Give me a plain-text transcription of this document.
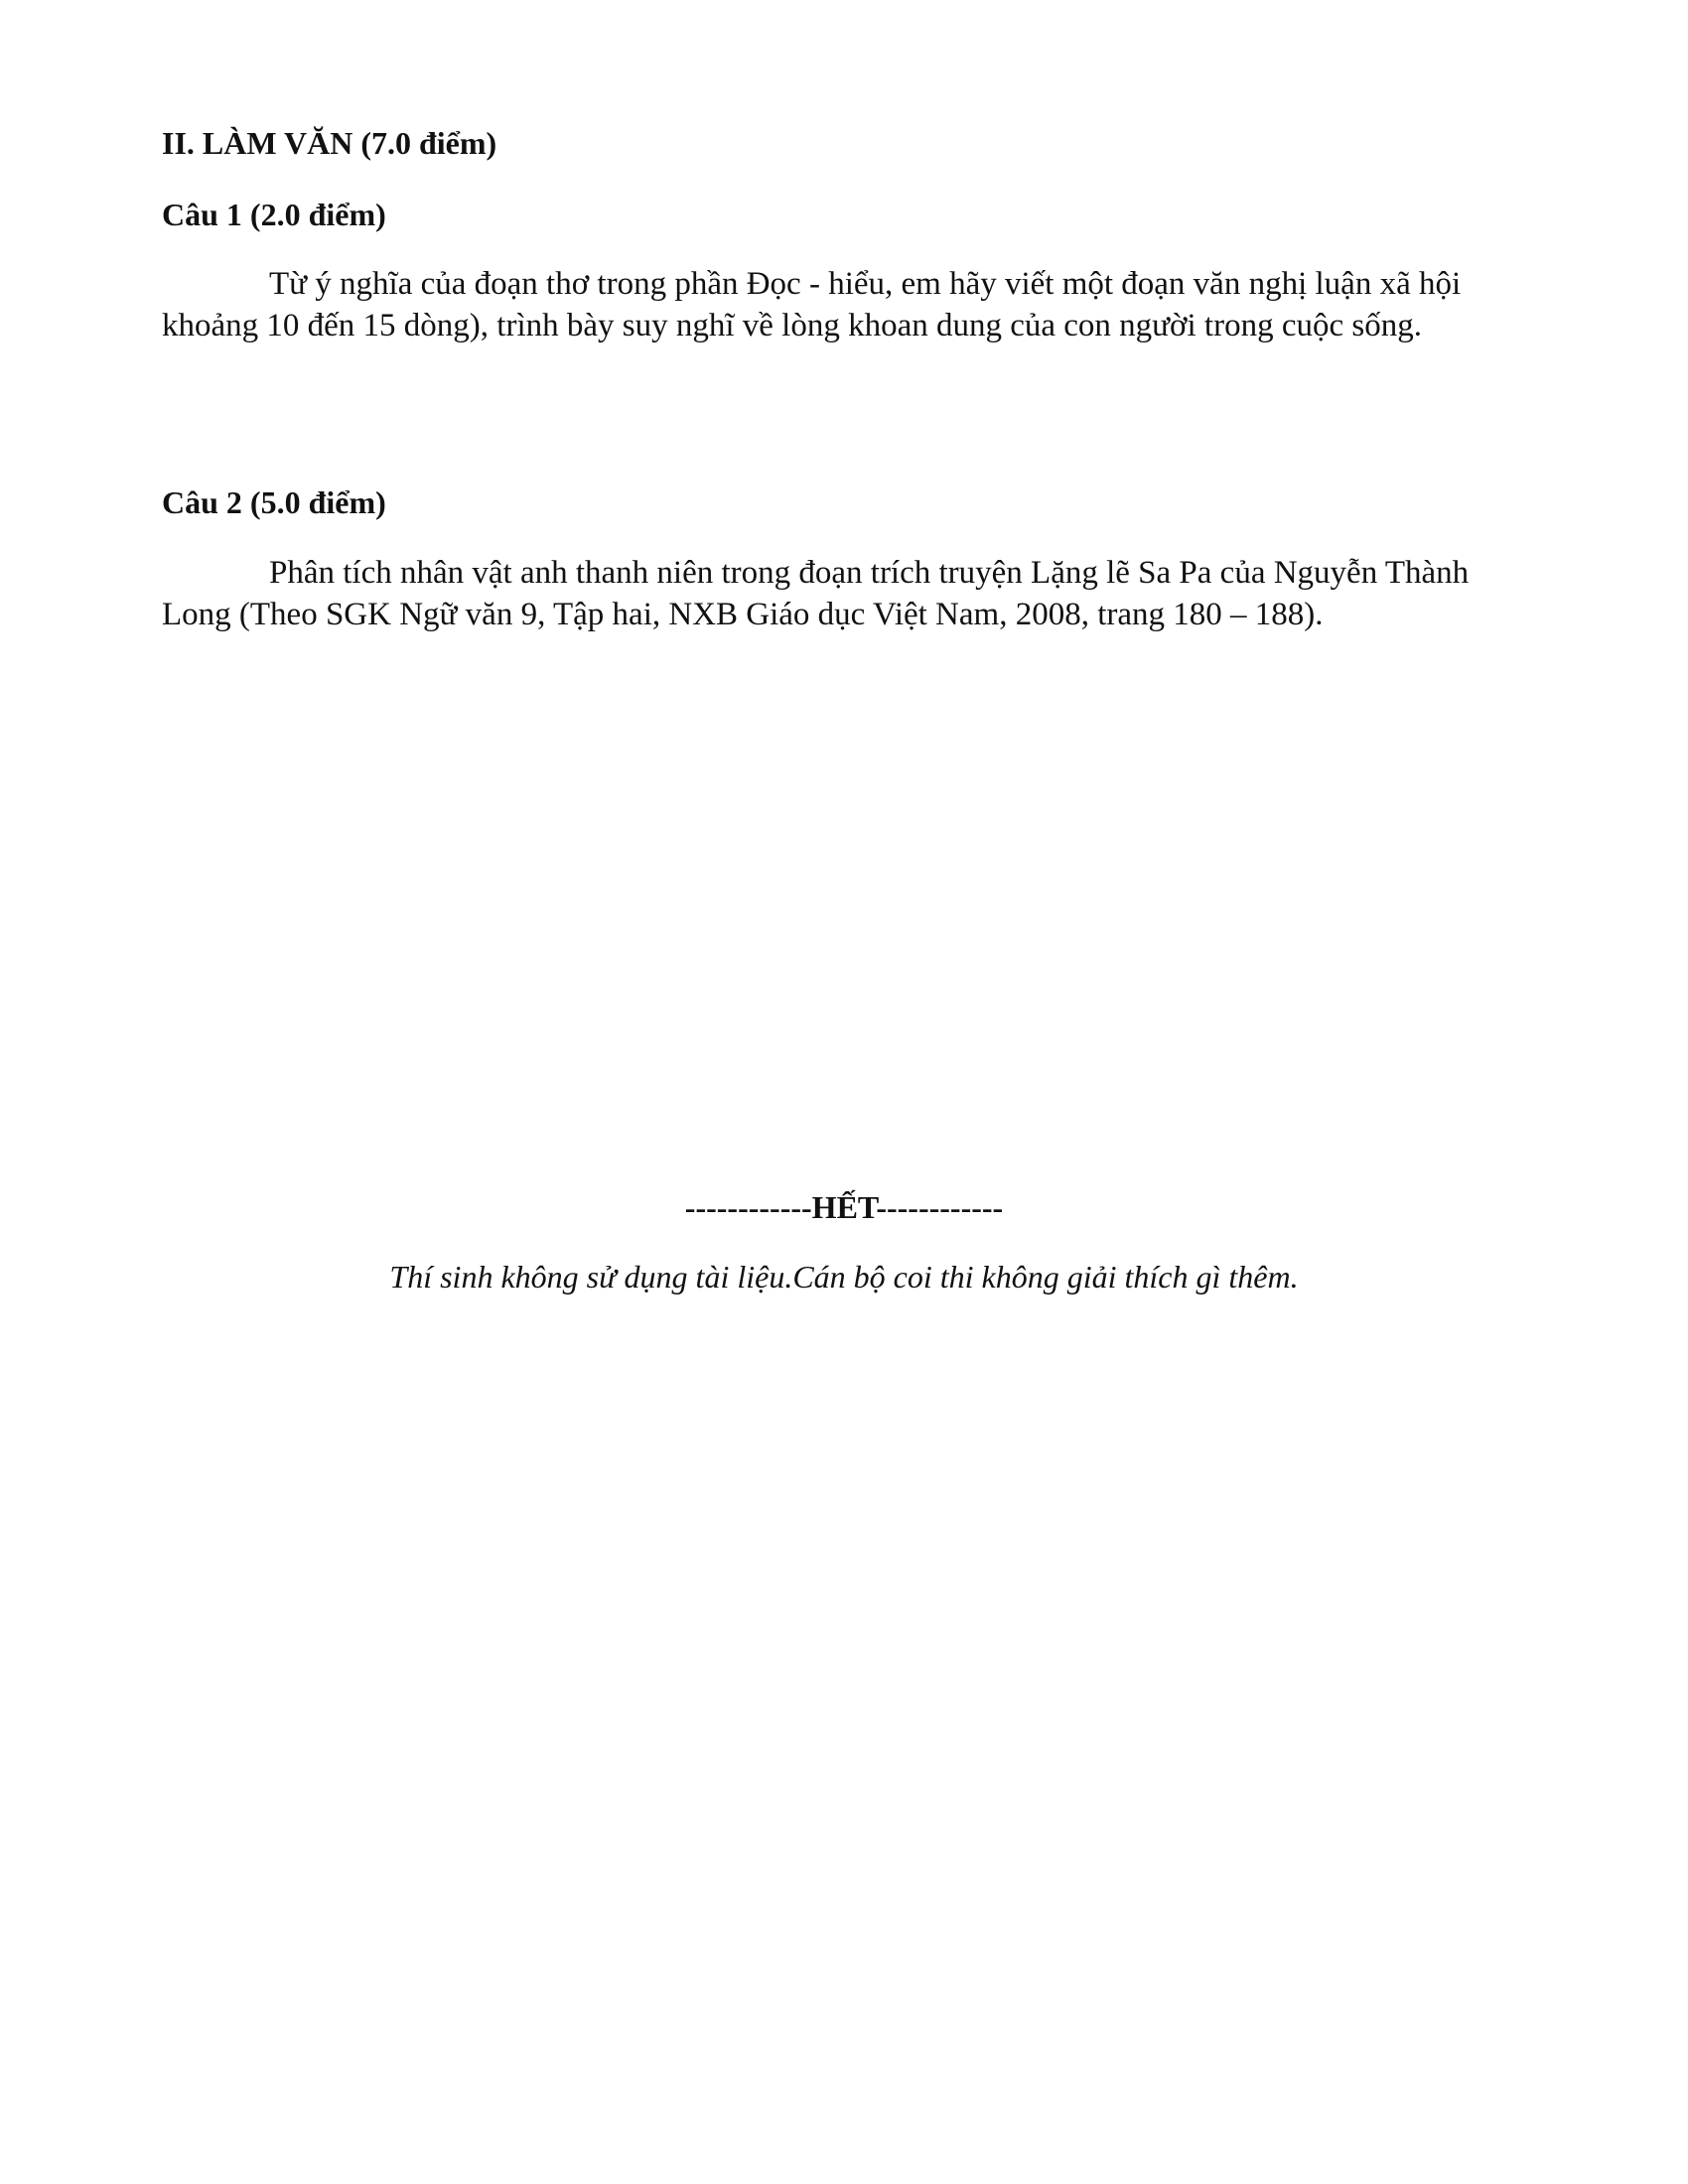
II. LÀM VĂN (7.0 điểm)
Câu 1 (2.0 điểm)

Từ ý nghĩa của đoạn thơ trong phần Đọc - hiểu, em hãy viết một đoạn văn nghị luận xã hội khoảng 10 đến 15 dòng), trình bày suy nghĩ về lòng khoan dung của con người trong cuộc sống.

Câu 2 (5.0 điểm)

Phân tích nhân vật anh thanh niên trong đoạn trích truyện Lặng lẽ Sa Pa của Nguyễn Thành Long (Theo SGK Ngữ văn 9, Tập hai, NXB Giáo dục Việt Nam, 2008, trang 180 – 188).

------------HẾT------------

Thí sinh không sử dụng tài liệu.Cán bộ coi thi không giải thích gì thêm.
